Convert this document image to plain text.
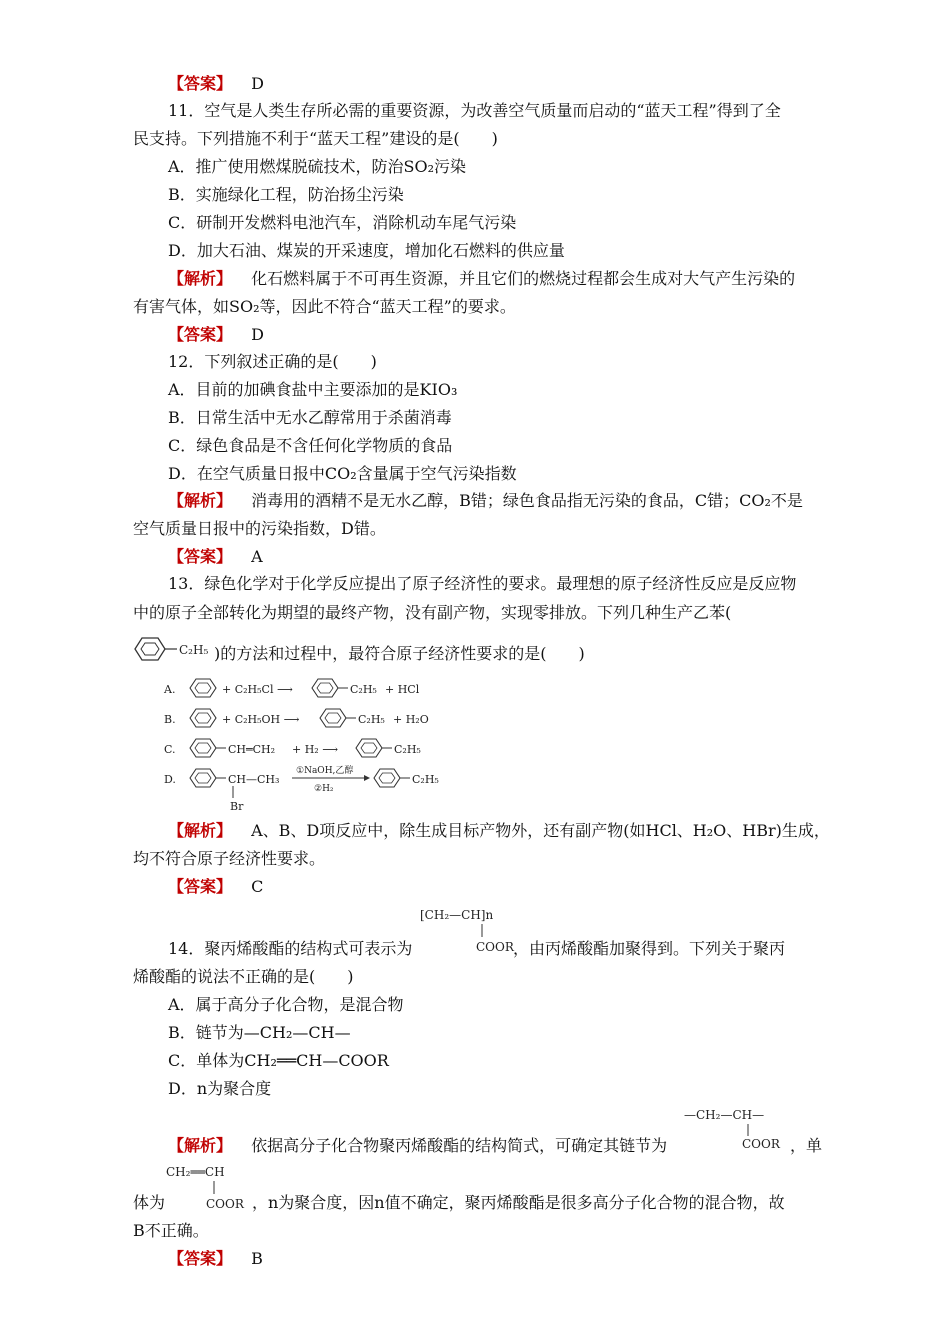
【答案】 D
11．空气是人类生存所必需的重要资源，为改善空气质量而启动的“蓝天工程”得到了全
民支持。下列措施不利于“蓝天工程”建设的是(　　)
A．推广使用燃煤脱硫技术，防治SO₂污染
B．实施绿化工程，防治扬尘污染
C．研制开发燃料电池汽车，消除机动车尾气污染
D．加大石油、煤炭的开采速度，增加化石燃料的供应量
【解析】 化石燃料属于不可再生资源，并且它们的燃烧过程都会生成对大气产生污染的
有害气体，如SO₂等，因此不符合“蓝天工程”的要求。
【答案】 D
12．下列叙述正确的是(　　)
A．目前的加碘食盐中主要添加的是KIO₃
B．日常生活中无水乙醇常用于杀菌消毒
C．绿色食品是不含任何化学物质的食品
D．在空气质量日报中CO₂含量属于空气污染指数
【解析】 消毒用的酒精不是无水乙醇，B错；绿色食品指无污染的食品，C错；CO₂不是
空气质量日报中的污染指数，D错。
【答案】 A
13．绿色化学对于化学反应提出了原子经济性的要求。最理想的原子经济性反应是反应物
中的原子全部转化为期望的最终产物，没有副产物，实现零排放。下列几种生产乙苯(
C₂H₅ )的方法和过程中，最符合原子经济性要求的是(　　)
A.	+ C₂H₅Cl ⟶	C₂H₅ + HCl
B.	+ C₂H₅OH ⟶	C₂H₅ + H₂O
C.	CH═CH₂ + H₂ ⟶	C₂H₅
D.	CH—CH₃
Br
①NaOH,乙醇
②H₂
C₂H₅
【解析】 A、B、D项反应中，除生成目标产物外，还有副产物(如HCl、H₂O、HBr)生成，
均不符合原子经济性要求。
【答案】 C
[CH₂—CH]n
COOR
14．聚丙烯酸酯的结构式可表示为	，由丙烯酸酯加聚得到。下列关于聚丙
烯酸酯的说法不正确的是(　　)
A．属于高分子化合物，是混合物
B．链节为—CH₂—CH—
C．单体为CH₂══CH—COOR
D．n为聚合度
—CH₂—CH—
COOR
【解析】 依据高分子化合物聚丙烯酸酯的结构简式，可确定其链节为	，单
CH₂══CH
COOR
体为	，n为聚合度，因n值不确定，聚丙烯酸酯是很多高分子化合物的混合物，故
B不正确。
【答案】 B
